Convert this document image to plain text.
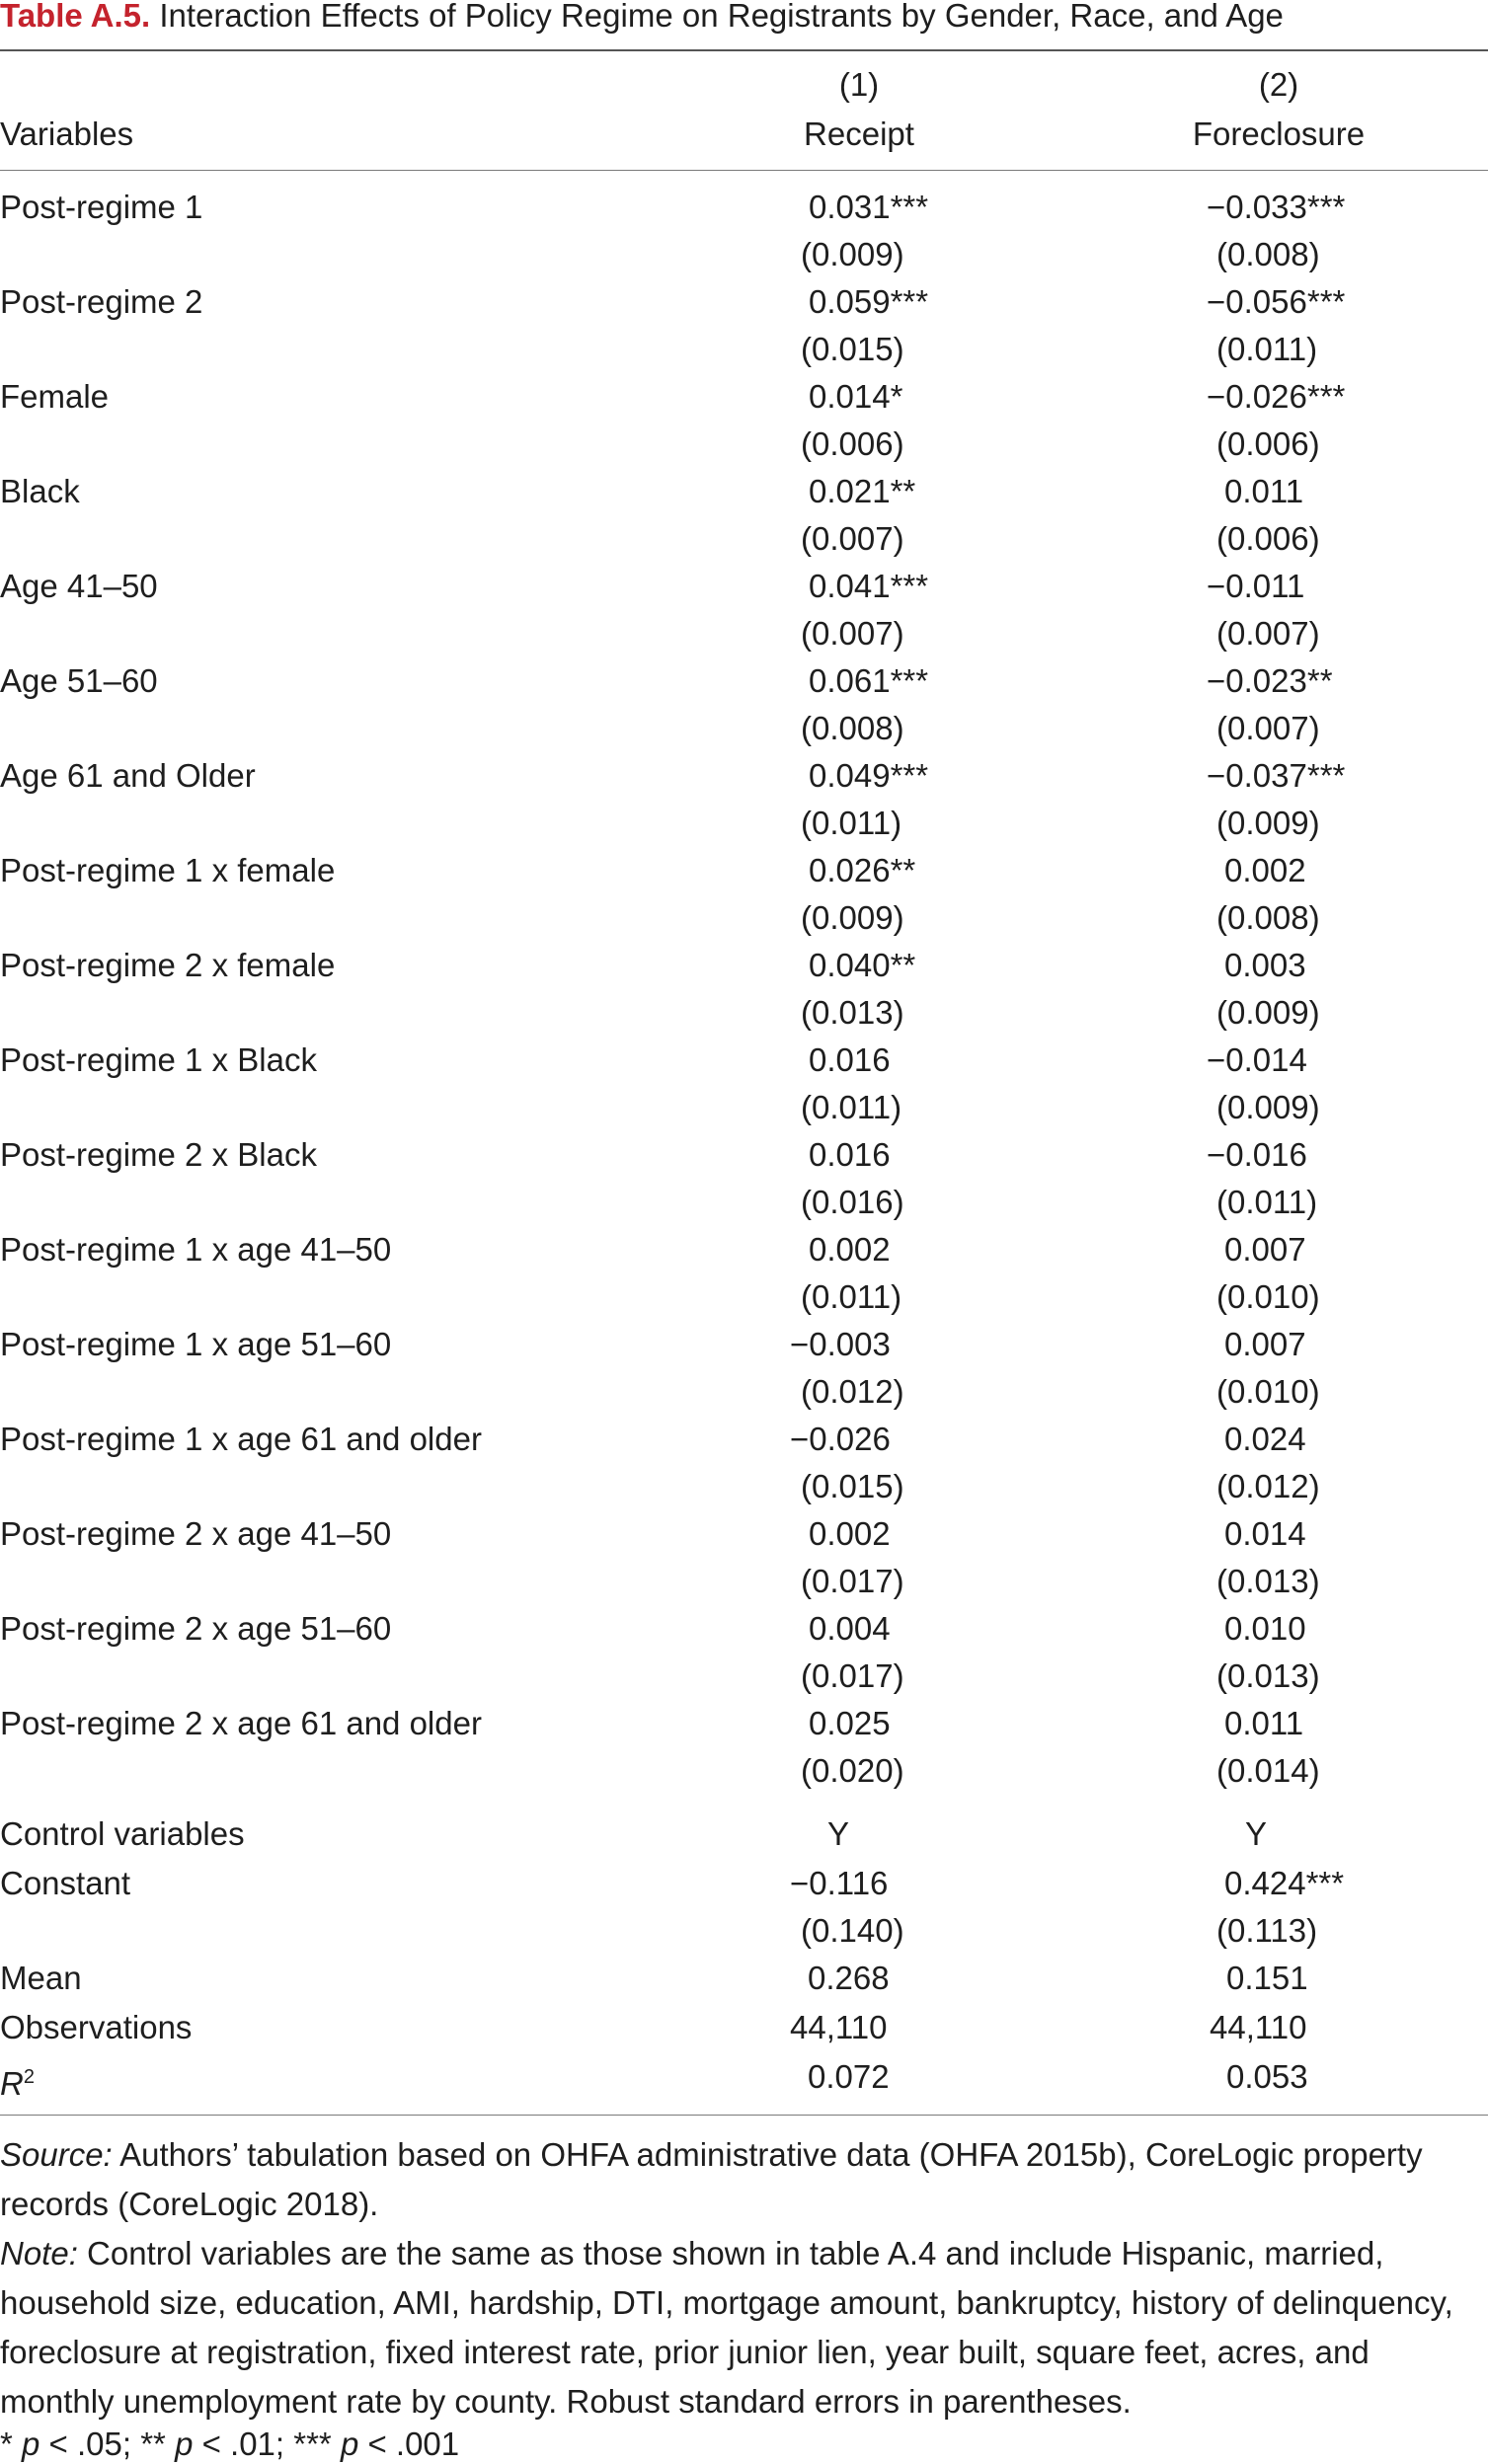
Table A.5. Interaction Effects of Policy Regime on Registrants by Gender, Race, and Age
(1)	(2)
Variables	Receipt	Foreclosure
Post-regime 1	0.031***	−0.033***
(0.009)	(0.008)
Post-regime 2	0.059***	−0.056***
(0.015)	(0.011)
Female	0.014*	−0.026***
(0.006)	(0.006)
Black	0.021**	0.011
(0.007)	(0.006)
Age 41–50	0.041***	−0.011
(0.007)	(0.007)
Age 51–60	0.061***	−0.023**
(0.008)	(0.007)
Age 61 and Older	0.049***	−0.037***
(0.011)	(0.009)
Post-regime 1 x female	0.026**	0.002
(0.009)	(0.008)
Post-regime 2 x female	0.040**	0.003
(0.013)	(0.009)
Post-regime 1 x Black	0.016	−0.014
(0.011)	(0.009)
Post-regime 2 x Black	0.016	−0.016
(0.016)	(0.011)
Post-regime 1 x age 41–50	0.002	0.007
(0.011)	(0.010)
Post-regime 1 x age 51–60	−0.003	0.007
(0.012)	(0.010)
Post-regime 1 x age 61 and older	−0.026	0.024
(0.015)	(0.012)
Post-regime 2 x age 41–50	0.002	0.014
(0.017)	(0.013)
Post-regime 2 x age 51–60	0.004	0.010
(0.017)	(0.013)
Post-regime 2 x age 61 and older	0.025	0.011
(0.020)	(0.014)
Control variables	Y	Y
Constant	−0.116	0.424***
(0.140)	(0.113)
Mean	0.268	0.151
Observations	44,110	44,110
$R^2$	0.072	0.053
Source: Authors’ tabulation based on OHFA administrative data (OHFA 2015b), CoreLogic property records (CoreLogic 2018).
Note: Control variables are the same as those shown in table A.4 and include Hispanic, married, household size, education, AMI, hardship, DTI, mortgage amount, bankruptcy, history of delinquency, foreclosure at registration, fixed interest rate, prior junior lien, year built, square feet, acres, and monthly unemployment rate by county. Robust standard errors in parentheses.
* p < .05; ** p < .01; *** p < .001
